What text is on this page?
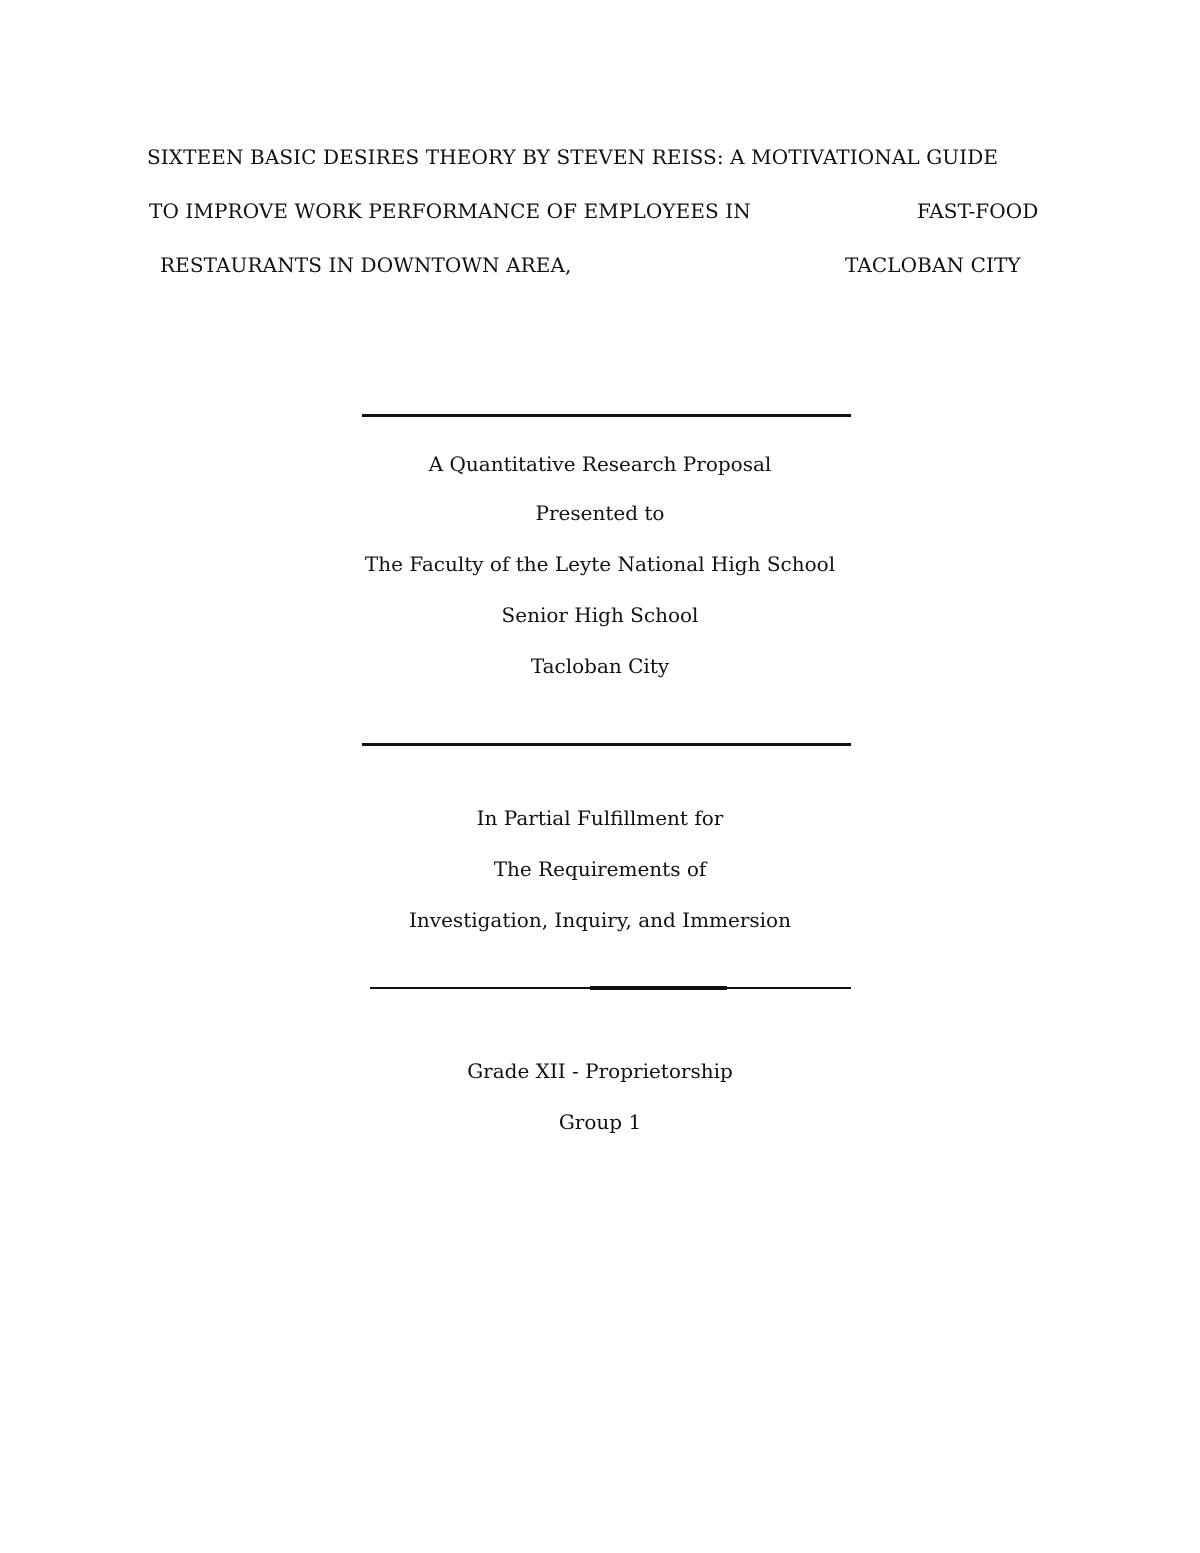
SIXTEEN BASIC DESIRES THEORY BY STEVEN REISS: A MOTIVATIONAL GUIDE
TO IMPROVE WORK PERFORMANCE OF EMPLOYEES IN	FAST-FOOD
RESTAURANTS IN DOWNTOWN AREA,	TACLOBAN CITY
A Quantitative Research Proposal
Presented to
The Faculty of the Leyte National High School
Senior High School
Tacloban City
In Partial Fulfillment for
The Requirements of
Investigation, Inquiry, and Immersion
Grade XII - Proprietorship
Group 1
